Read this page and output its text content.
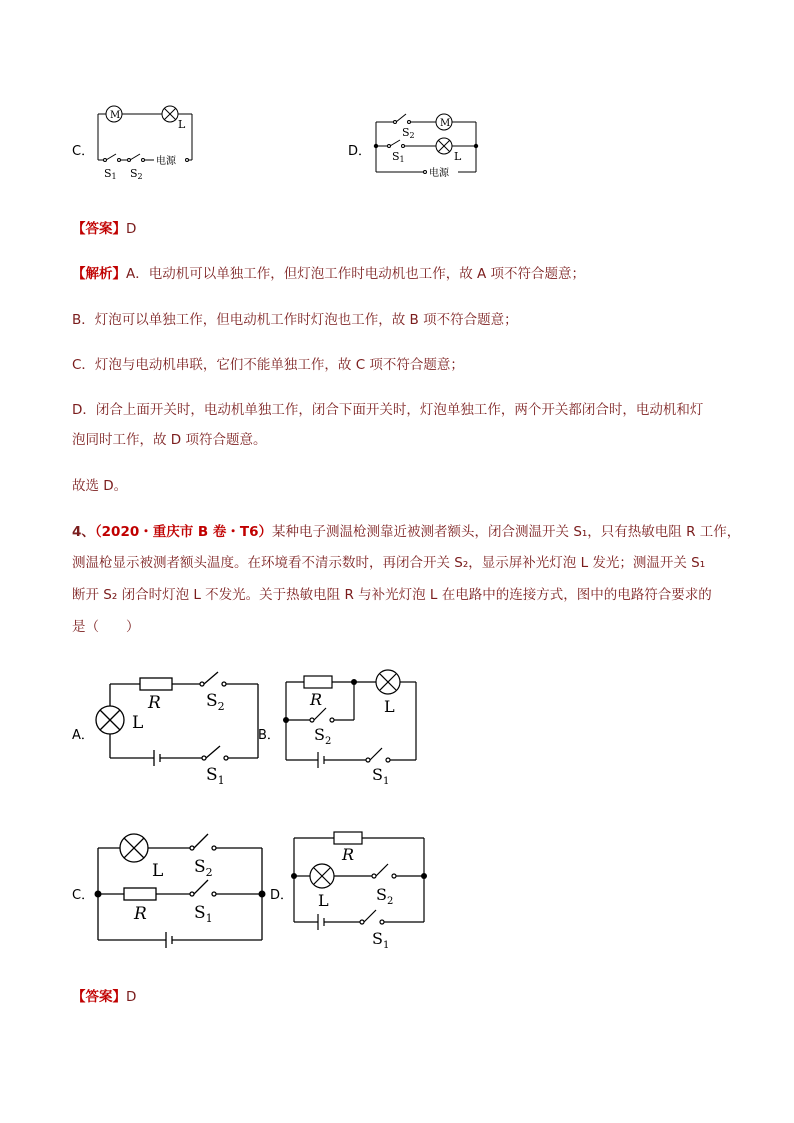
C．
M
L
S1 S2
电源
D．
M
L
S2
S1
电源
【答案】D
【解析】A．电动机可以单独工作，但灯泡工作时电动机也工作，故 A 项不符合题意；
B．灯泡可以单独工作，但电动机工作时灯泡也工作，故 B 项不符合题意；
C．灯泡与电动机串联，它们不能单独工作，故 C 项不符合题意；
D．闭合上面开关时，电动机单独工作，闭合下面开关时，灯泡单独工作，两个开关都闭合时，电动机和灯
泡同时工作，故 D 项符合题意。
故选 D。
4、（2020・重庆市 B 卷・T6）某种电子测温枪测靠近被测者额头，闭合测温开关 S₁，只有热敏电阻 R 工作，
测温枪显示被测者额头温度。在环境看不清示数时，再闭合开关 S₂，显示屏补光灯泡 L 发光；测温开关 S₁
断开 S₂ 闭合时灯泡 L 不发光。关于热敏电阻 R 与补光灯泡 L 在电路中的连接方式，图中的电路符合要求的
是（　　）
A．
R
L
$S_2$
$S_1$
B．
R	L
$S_2$
$S_1$
C．
L
R
$S_2$
$S_1$
D．
R
L	$S_2$
$S_1$
【答案】D
